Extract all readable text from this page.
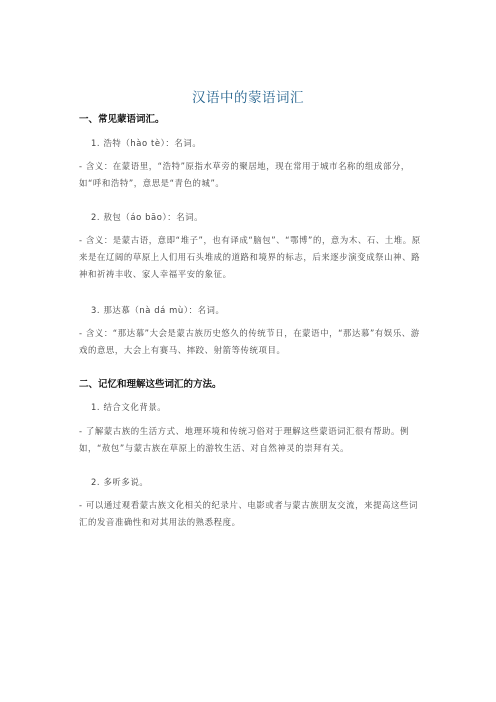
汉语中的蒙语词汇
一、常见蒙语词汇。

1. 浩特（hào tè）：名词。

- 含义：在蒙语里，“浩特”原指水草旁的聚居地，现在常用于城市名称的组成部分，如“呼和浩特”，意思是“青色的城”。

2. 敖包（áo bāo）：名词。

- 含义：是蒙古语，意即“堆子”，也有译成“脑包”、“鄂博”的，意为木、石、土堆。原来是在辽阔的草原上人们用石头堆成的道路和境界的标志，后来逐步演变成祭山神、路神和祈祷丰收、家人幸福平安的象征。

3. 那达慕（nà dá mù）：名词。

- 含义：“那达慕”大会是蒙古族历史悠久的传统节日，在蒙语中，“那达慕”有娱乐、游戏的意思，大会上有赛马、摔跤、射箭等传统项目。

二、记忆和理解这些词汇的方法。

1. 结合文化背景。

- 了解蒙古族的生活方式、地理环境和传统习俗对于理解这些蒙语词汇很有帮助。例如，“敖包”与蒙古族在草原上的游牧生活、对自然神灵的崇拜有关。

2. 多听多说。

- 可以通过观看蒙古族文化相关的纪录片、电影或者与蒙古族朋友交流，来提高这些词汇的发音准确性和对其用法的熟悉程度。
